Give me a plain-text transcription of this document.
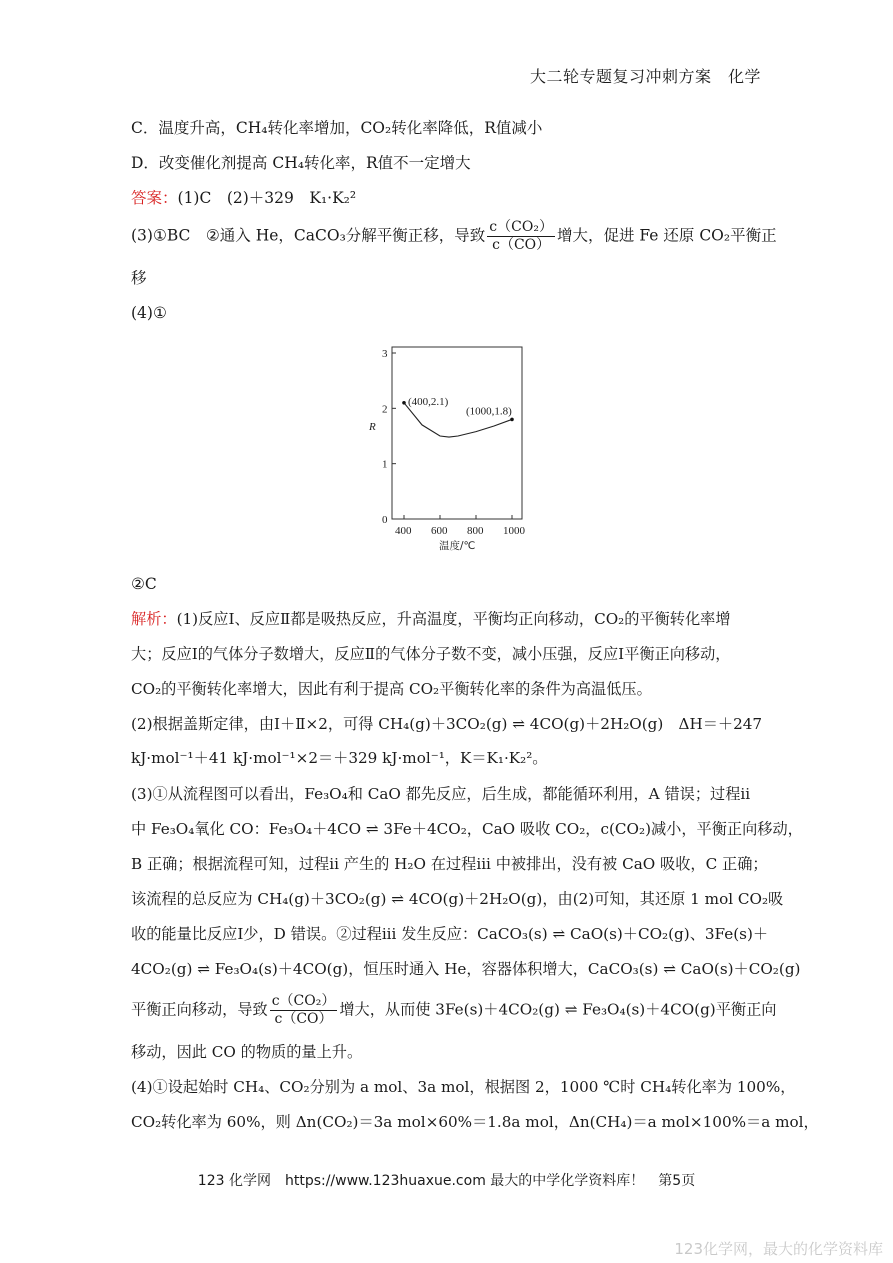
大二轮专题复习冲刺方案　化学
C．温度升高，CH₄转化率增加，CO₂转化率降低，R值减小
D．改变催化剂提高 CH₄转化率，R值不一定增大
答案：(1)C　(2)＋329　K₁·K₂²
(3)①BC　②通入 He，CaCO₃分解平衡正移，导致 $\frac{\text{c（CO₂）}}{c(CO)}$ 增大，促进 Fe 还原 CO₂平衡正
移
(4)①
0
1
2
3
400 600 800 1000
(400,2.1)
(1000,1.8)
R
温度/℃
②C
解析：(1)反应Ⅰ、反应Ⅱ都是吸热反应，升高温度，平衡均正向移动，CO₂的平衡转化率增
大；反应Ⅰ的气体分子数增大，反应Ⅱ的气体分子数不变，减小压强，反应Ⅰ平衡正向移动，
CO₂的平衡转化率增大，因此有利于提高 CO₂平衡转化率的条件为高温低压。
(2)根据盖斯定律，由Ⅰ＋Ⅱ×2，可得 CH₄(g)＋3CO₂(g) ⇌ 4CO(g)＋2H₂O(g)　ΔH＝＋247
kJ·mol⁻¹＋41 kJ·mol⁻¹×2＝＋329 kJ·mol⁻¹，K＝K₁·K₂²。
(3)①从流程图可以看出，Fe₃O₄和 CaO 都先反应，后生成，都能循环利用，A 错误；过程ii
中 Fe₃O₄氧化 CO：Fe₃O₄＋4CO ⇌ 3Fe＋4CO₂，CaO 吸收 CO₂，c(CO₂)减小，平衡正向移动，
B 正确；根据流程可知，过程ii 产生的 H₂O 在过程iii 中被排出，没有被 CaO 吸收，C 正确；
该流程的总反应为 CH₄(g)＋3CO₂(g) ⇌ 4CO(g)＋2H₂O(g)，由(2)可知，其还原 1 mol CO₂吸
收的能量比反应Ⅰ少，D 错误。②过程iii 发生反应：CaCO₃(s) ⇌ CaO(s)＋CO₂(g)、3Fe(s)＋
4CO₂(g) ⇌ Fe₃O₄(s)＋4CO(g)，恒压时通入 He，容器体积增大，CaCO₃(s) ⇌ CaO(s)＋CO₂(g)
平衡正向移动，导致 $\frac{\text{c（CO₂）}}{c(CO)}$ 增大，从而使 3Fe(s)＋4CO₂(g) ⇌ Fe₃O₄(s)＋4CO(g)平衡正向
移动，因此 CO 的物质的量上升。
(4)①设起始时 CH₄、CO₂分别为 a mol、3a mol，根据图 2，1000 ℃时 CH₄转化率为 100%，
CO₂转化率为 60%，则 Δn(CO₂)＝3a mol×60%＝1.8a mol，Δn(CH₄)＝a mol×100%＝a mol，
123 化学网　https://www.123huaxue.com 最大的中学化学资料库！　第5页
123化学网，最大的化学资料库
